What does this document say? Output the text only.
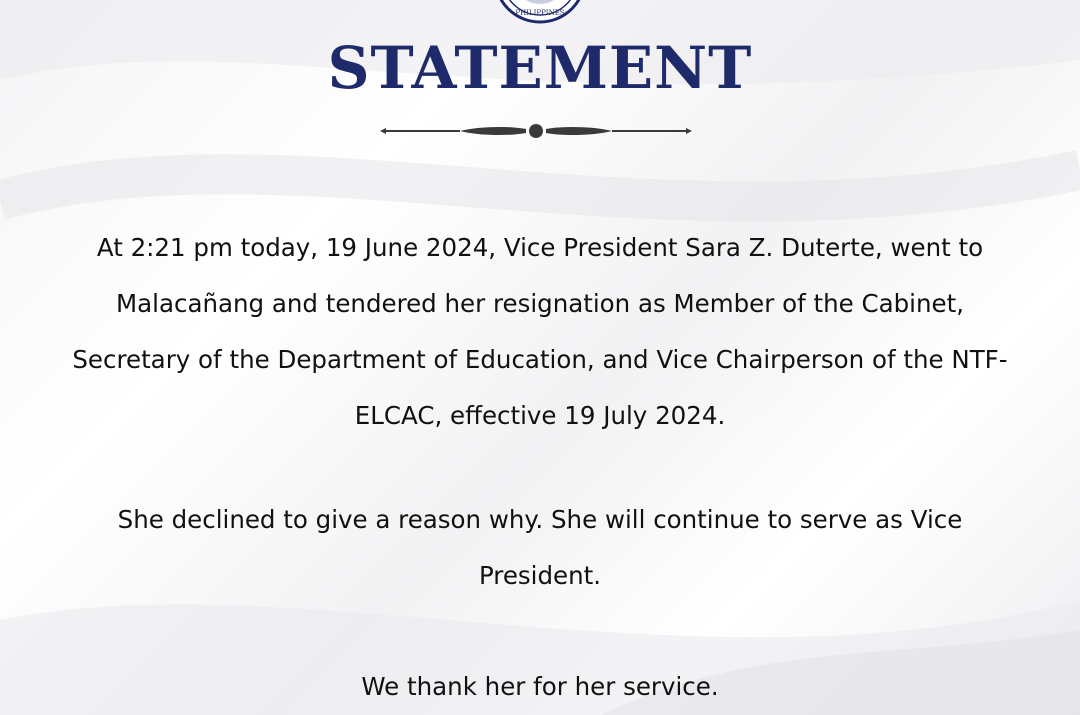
PHILIPPINES
STATEMENT

At 2:21 pm today, 19 June 2024, Vice President Sara Z. Duterte, went to Malacañang and tendered her resignation as Member of the Cabinet, Secretary of the Department of Education, and Vice Chairperson of the NTF-ELCAC, effective 19 July 2024.

She declined to give a reason why. She will continue to serve as Vice President.

We thank her for her service.
